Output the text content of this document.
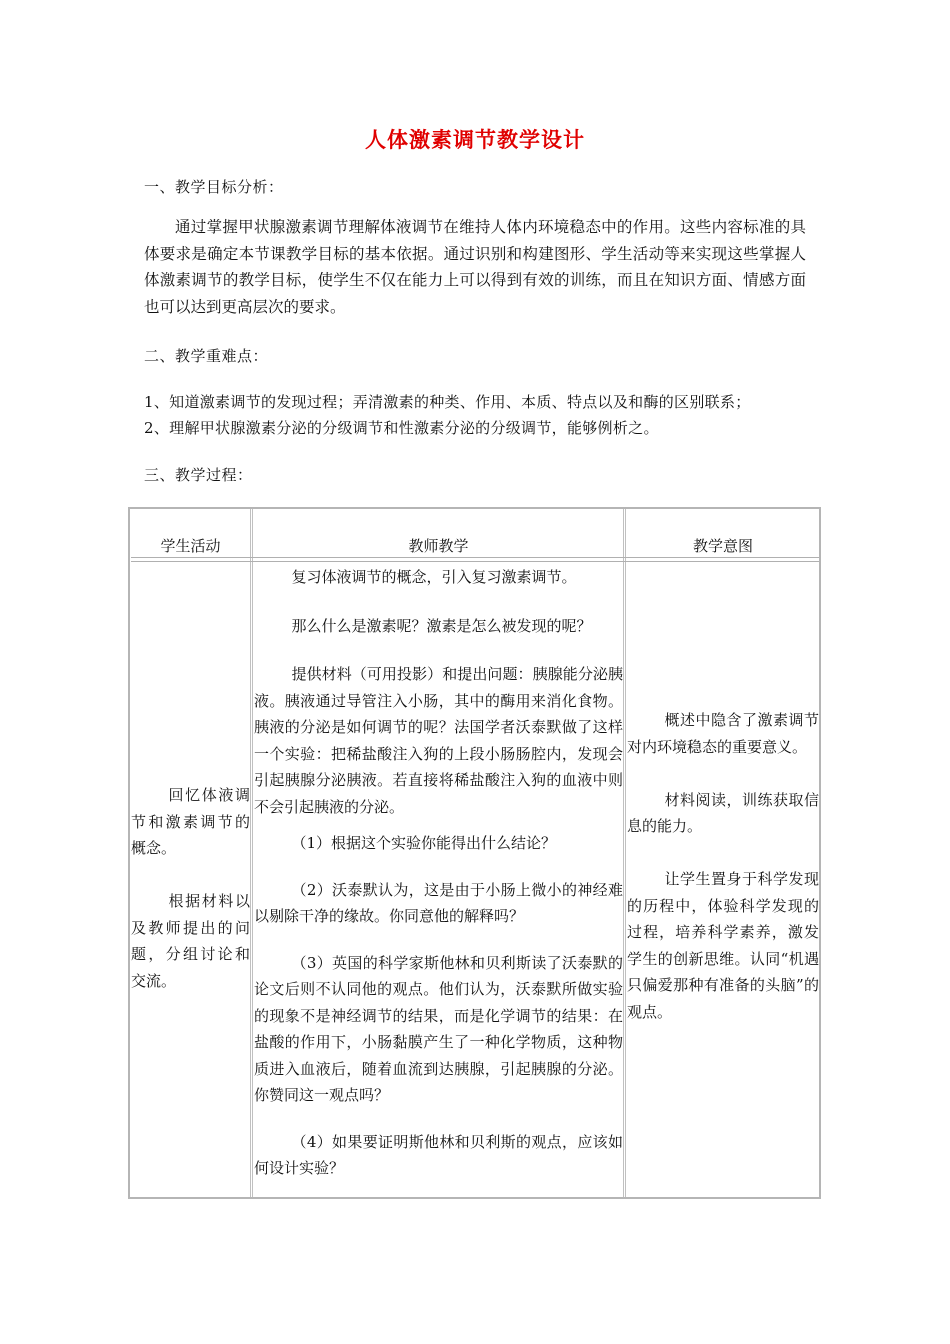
人体激素调节教学设计
一、教学目标分析：

通过掌握甲状腺激素调节理解体液调节在维持人体内环境稳态中的作用。这些内容标准的具体要求是确定本节课教学目标的基本依据。通过识别和构建图形、学生活动等来实现这些掌握人体激素调节的教学目标，使学生不仅在能力上可以得到有效的训练，而且在知识方面、情感方面也可以达到更高层次的要求。

二、教学重难点：
1、知道激素调节的发现过程；弄清激素的种类、作用、本质、特点以及和酶的区别联系；
2、理解甲状腺激素分泌的分级调节和性激素分泌的分级调节，能够例析之。
三、教学过程：
学生活动	教师教学	教学意图

回忆体液调节和激素调节的概念。

根据材料以及教师提出的问题，分组讨论和交流。

复习体液调节的概念，引入复习激素调节。

那么什么是激素呢？激素是怎么被发现的呢？

提供材料（可用投影）和提出问题：胰腺能分泌胰液。胰液通过导管注入小肠，其中的酶用来消化食物。胰液的分泌是如何调节的呢？法国学者沃泰默做了这样一个实验：把稀盐酸注入狗的上段小肠肠腔内，发现会引起胰腺分泌胰液。若直接将稀盐酸注入狗的血液中则不会引起胰液的分泌。

（1）根据这个实验你能得出什么结论？

（2）沃泰默认为，这是由于小肠上微小的神经难以剔除干净的缘故。你同意他的解释吗？

（3）英国的科学家斯他林和贝利斯读了沃泰默的论文后则不认同他的观点。他们认为，沃泰默所做实验的现象不是神经调节的结果，而是化学调节的结果：在盐酸的作用下，小肠黏膜产生了一种化学物质，这种物质进入血液后，随着血流到达胰腺，引起胰腺的分泌。你赞同这一观点吗？

（4）如果要证明斯他林和贝利斯的观点，应该如何设计实验？

概述中隐含了激素调节对内环境稳态的重要意义。

材料阅读，训练获取信息的能力。

让学生置身于科学发现的历程中，体验科学发现的过程，培养科学素养，激发学生的创新思维。认同“机遇只偏爱那种有准备的头脑”的观点。
